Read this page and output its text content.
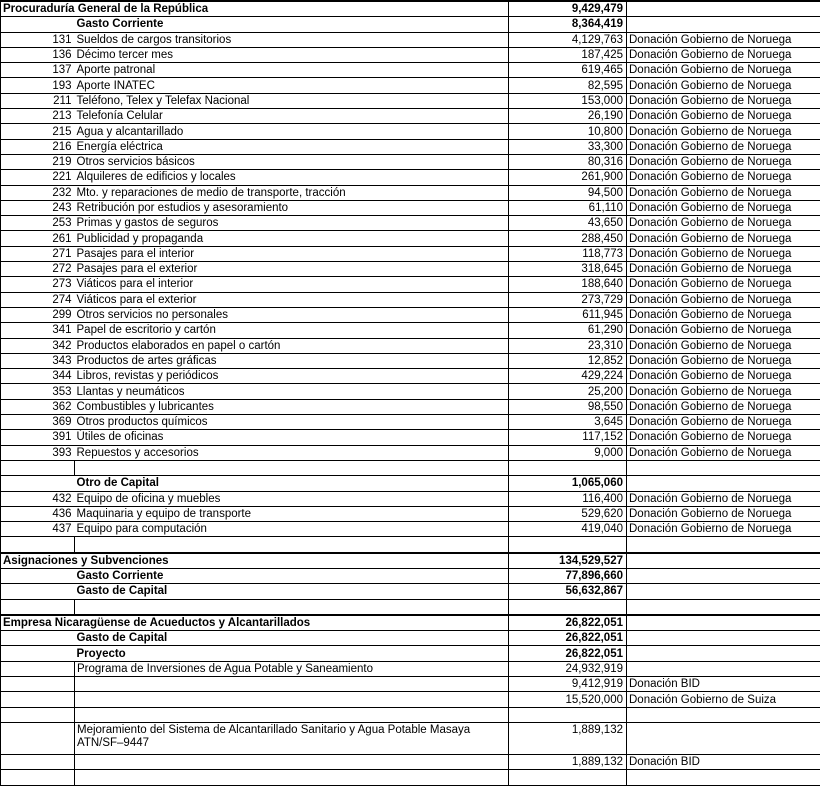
Procuraduría General de la República		9,429,479	
	Gasto Corriente	8,364,419	
131	Sueldos de cargos transitorios	4,129,763	Donación Gobierno de Noruega
136	Décimo tercer mes	187,425	Donación Gobierno de Noruega
137	Aporte patronal	619,465	Donación Gobierno de Noruega
193	Aporte INATEC	82,595	Donación Gobierno de Noruega
211	Teléfono, Telex y Telefax Nacional	153,000	Donación Gobierno de Noruega
213	Telefonía Celular	26,190	Donación Gobierno de Noruega
215	Agua y alcantarillado	10,800	Donación Gobierno de Noruega
216	Energía eléctrica	33,300	Donación Gobierno de Noruega
219	Otros servicios básicos	80,316	Donación Gobierno de Noruega
221	Alquileres de edificios y locales	261,900	Donación Gobierno de Noruega
232	Mto. y reparaciones de medio de transporte, tracción	94,500	Donación Gobierno de Noruega
243	Retribución por estudios y asesoramiento	61,110	Donación Gobierno de Noruega
253	Primas y gastos de seguros	43,650	Donación Gobierno de Noruega
261	Publicidad y propaganda	288,450	Donación Gobierno de Noruega
271	Pasajes para el interior	118,773	Donación Gobierno de Noruega
272	Pasajes para el exterior	318,645	Donación Gobierno de Noruega
273	Viáticos para el interior	188,640	Donación Gobierno de Noruega
274	Viáticos para el exterior	273,729	Donación Gobierno de Noruega
299	Otros servicios no personales	611,945	Donación Gobierno de Noruega
341	Papel de escritorio y cartón	61,290	Donación Gobierno de Noruega
342	Productos elaborados en papel o cartón	23,310	Donación Gobierno de Noruega
343	Productos de artes gráficas	12,852	Donación Gobierno de Noruega
344	Libros, revistas y periódicos	429,224	Donación Gobierno de Noruega
353	Llantas y neumáticos	25,200	Donación Gobierno de Noruega
362	Combustibles y lubricantes	98,550	Donación Gobierno de Noruega
369	Otros productos químicos	3,645	Donación Gobierno de Noruega
391	Útiles de oficinas	117,152	Donación Gobierno de Noruega
393	Repuestos y accesorios	9,000	Donación Gobierno de Noruega

	Otro de Capital	1,065,060	
432	Equipo de oficina y muebles	116,400	Donación Gobierno de Noruega
436	Maquinaria y equipo de transporte	529,620	Donación Gobierno de Noruega
437	Equipo para computación	419,040	Donación Gobierno de Noruega

Asignaciones y Subvenciones		134,529,527	
	Gasto Corriente	77,896,660	
	Gasto de Capital	56,632,867	

Empresa Nicaragüense de Acueductos y Alcantarillados		26,822,051	
	Gasto de Capital	26,822,051	
	Proyecto	26,822,051	
	Programa de Inversiones de Agua Potable y Saneamiento	24,932,919	
		9,412,919	Donación BID
		15,520,000	Donación Gobierno de Suiza

	Mejoramiento del Sistema de Alcantarillado Sanitario y Agua Potable Masaya ATN/SF–9447	1,889,132	
		1,889,132	Donación BID
